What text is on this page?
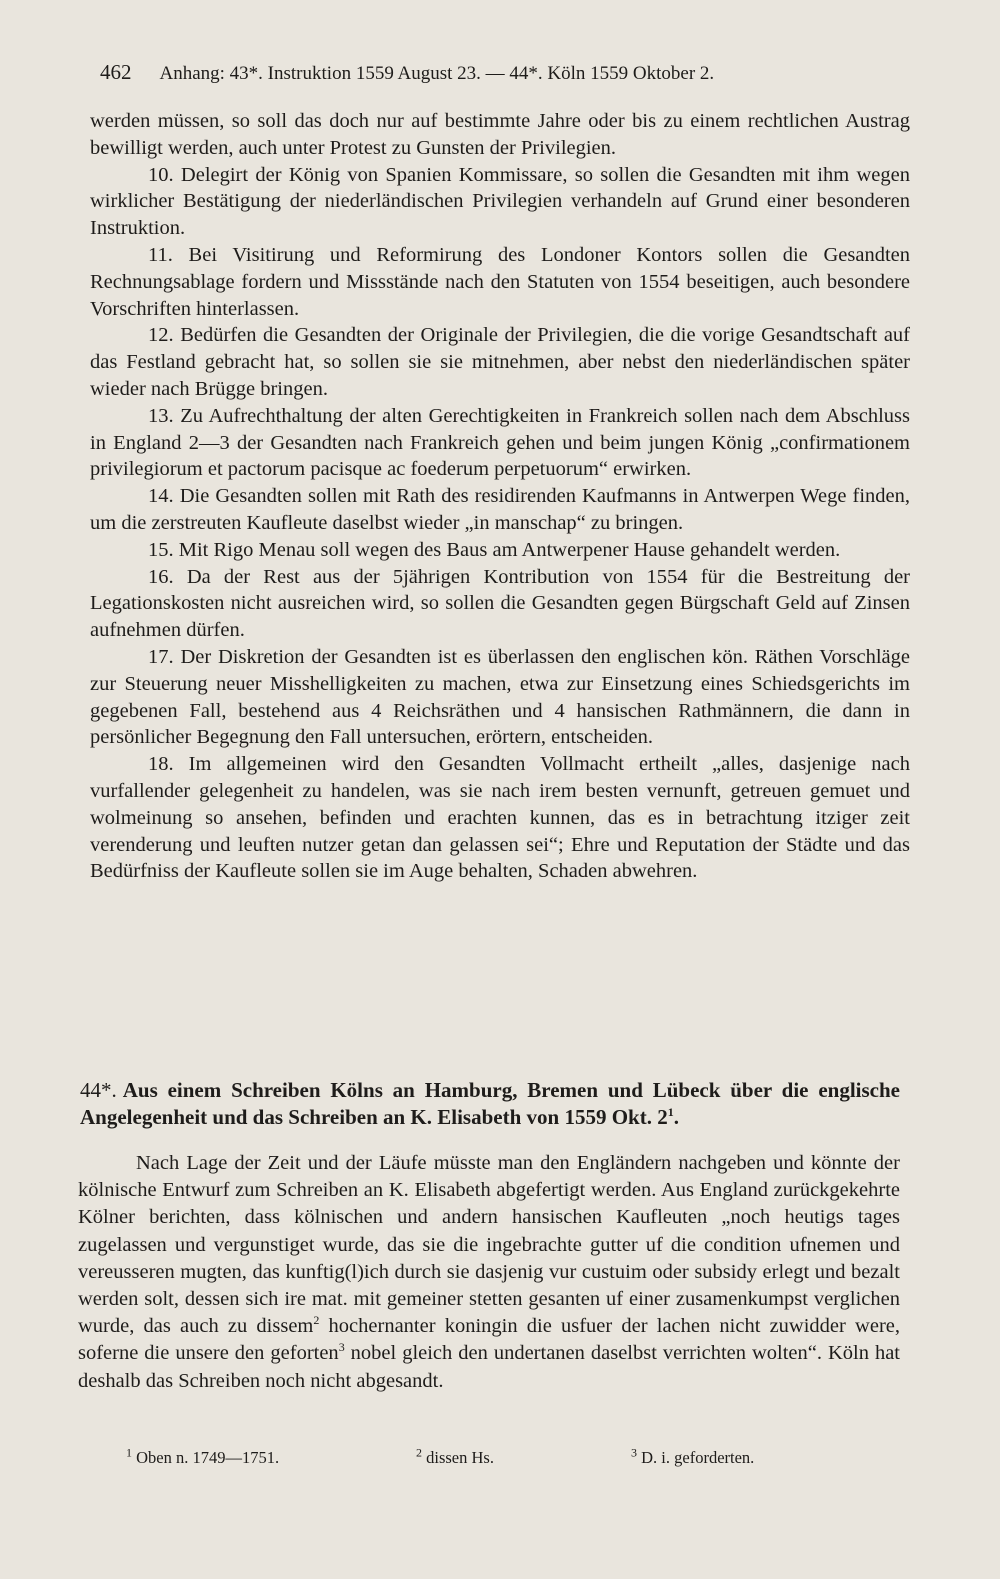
462 Anhang: 43*. Instruktion 1559 August 23. — 44*. Köln 1559 Oktober 2.

werden müssen, so soll das doch nur auf bestimmte Jahre oder bis zu einem rechtlichen Austrag bewilligt werden, auch unter Protest zu Gunsten der Privilegien.

10. Delegirt der König von Spanien Kommissare, so sollen die Gesandten mit ihm wegen wirklicher Bestätigung der niederländischen Privilegien verhandeln auf Grund einer besonderen Instruktion.

11. Bei Visitirung und Reformirung des Londoner Kontors sollen die Gesandten Rechnungsablage fordern und Missstände nach den Statuten von 1554 beseitigen, auch besondere Vorschriften hinterlassen.

12. Bedürfen die Gesandten der Originale der Privilegien, die die vorige Gesandtschaft auf das Festland gebracht hat, so sollen sie sie mitnehmen, aber nebst den niederländischen später wieder nach Brügge bringen.

13. Zu Aufrechthaltung der alten Gerechtigkeiten in Frankreich sollen nach dem Abschluss in England 2—3 der Gesandten nach Frankreich gehen und beim jungen König „confirmationem privilegiorum et pactorum pacisque ac foederum perpetuorum“ erwirken.

14. Die Gesandten sollen mit Rath des residirenden Kaufmanns in Antwerpen Wege finden, um die zerstreuten Kaufleute daselbst wieder „in manschap“ zu bringen.

15. Mit Rigo Menau soll wegen des Baus am Antwerpener Hause gehandelt werden.

16. Da der Rest aus der 5jährigen Kontribution von 1554 für die Bestreitung der Legationskosten nicht ausreichen wird, so sollen die Gesandten gegen Bürgschaft Geld auf Zinsen aufnehmen dürfen.

17. Der Diskretion der Gesandten ist es überlassen den englischen kön. Räthen Vorschläge zur Steuerung neuer Misshelligkeiten zu machen, etwa zur Einsetzung eines Schiedsgerichts im gegebenen Fall, bestehend aus 4 Reichsräthen und 4 hansischen Rathmännern, die dann in persönlicher Begegnung den Fall untersuchen, erörtern, entscheiden.

18. Im allgemeinen wird den Gesandten Vollmacht ertheilt „alles, dasjenige nach vurfallender gelegenheit zu handelen, was sie nach irem besten vernunft, getreuen gemuet und wolmeinung so ansehen, befinden und erachten kunnen, das es in betrachtung itziger zeit verenderung und leuften nutzer getan dan gelassen sei“; Ehre und Reputation der Städte und das Bedürfniss der Kaufleute sollen sie im Auge behalten, Schaden abwehren.

44*. Aus einem Schreiben Kölns an Hamburg, Bremen und Lübeck über die englische Angelegenheit und das Schreiben an K. Elisabeth von 1559 Okt. $2^1$.
Nach Lage der Zeit und der Läufe müsste man den Engländern nachgeben und könnte der kölnische Entwurf zum Schreiben an K. Elisabeth abgefertigt werden. Aus England zurückgekehrte Kölner berichten, dass kölnischen und andern hansischen Kaufleuten „noch heutigs tages zugelassen und vergunstiget wurde, das sie die ingebrachte gutter uf die condition ufnemen und vereusseren mugten, das kunftig(l)ich durch sie dasjenig vur custuim oder subsidy erlegt und bezalt werden solt, dessen sich ire mat. mit gemeiner stetten gesanten uf einer zusamenkumpst verglichen wurde, das auch zu dissem$^2$ hochernanter koningin die usfuer der lachen nicht zuwidder were, soferne die unsere den geforten$^3$ nobel gleich den undertanen daselbst verrichten wolten“. Köln hat deshalb das Schreiben noch nicht abgesandt.
$^1$ Oben n. 1749—1751.	$^2$ dissen Hs.	$^3$ D. i. geforderten.
